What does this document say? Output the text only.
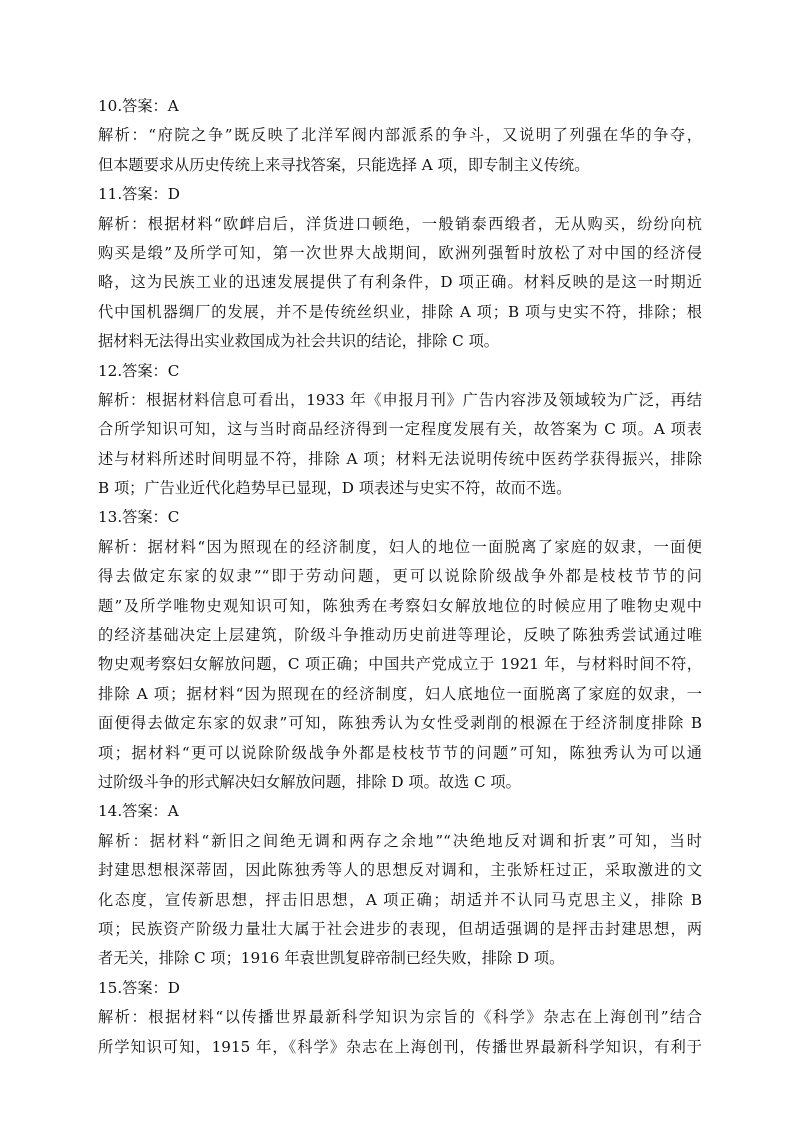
10.答案：A
解析：“府院之争”既反映了北洋军阀内部派系的争斗，又说明了列强在华的争夺，
但本题要求从历史传统上来寻找答案，只能选择 A 项，即专制主义传统。
11.答案：D
解析：根据材料“欧衅启后，洋货进口顿绝，一般销泰西缎者，无从购买，纷纷向杭
购买是缎”及所学可知，第一次世界大战期间，欧洲列强暂时放松了对中国的经济侵
略，这为民族工业的迅速发展提供了有利条件，D 项正确。材料反映的是这一时期近
代中国机器绸厂的发展，并不是传统丝织业，排除 A 项；B 项与史实不符，排除；根
据材料无法得出实业救国成为社会共识的结论，排除 C 项。
12.答案：C
解析：根据材料信息可看出，1933 年《申报月刊》广告内容涉及领域较为广泛，再结
合所学知识可知，这与当时商品经济得到一定程度发展有关，故答案为 C 项。A 项表
述与材料所述时间明显不符，排除 A 项；材料无法说明传统中医药学获得振兴，排除
B 项；广告业近代化趋势早已显现，D 项表述与史实不符，故而不选。
13.答案：C
解析：据材料“因为照现在的经济制度，妇人的地位一面脱离了家庭的奴隶，一面便
得去做定东家的奴隶”“即于劳动问题，更可以说除阶级战争外都是枝枝节节的问
题”及所学唯物史观知识可知，陈独秀在考察妇女解放地位的时候应用了唯物史观中
的经济基础决定上层建筑，阶级斗争推动历史前进等理论，反映了陈独秀尝试通过唯
物史观考察妇女解放问题，C 项正确；中国共产党成立于 1921 年，与材料时间不符，
排除 A 项；据材料“因为照现在的经济制度，妇人底地位一面脱离了家庭的奴隶，一
面便得去做定东家的奴隶”可知，陈独秀认为女性受剥削的根源在于经济制度排除 B
项；据材料“更可以说除阶级战争外都是枝枝节节的问题”可知，陈独秀认为可以通
过阶级斗争的形式解决妇女解放问题，排除 D 项。故选 C 项。
14.答案：A
解析：据材料“新旧之间绝无调和两存之余地”“决绝地反对调和折衷”可知，当时
封建思想根深蒂固，因此陈独秀等人的思想反对调和，主张矫枉过正，采取激进的文
化态度，宣传新思想，抨击旧思想，A 项正确；胡适并不认同马克思主义，排除 B
项；民族资产阶级力量壮大属于社会进步的表现，但胡适强调的是抨击封建思想，两
者无关，排除 C 项；1916 年袁世凯复辟帝制已经失败，排除 D 项。
15.答案：D
解析：根据材料“以传播世界最新科学知识为宗旨的《科学》杂志在上海创刊”结合
所学知识可知，1915 年，《科学》杂志在上海创刊，传播世界最新科学知识，有利于
